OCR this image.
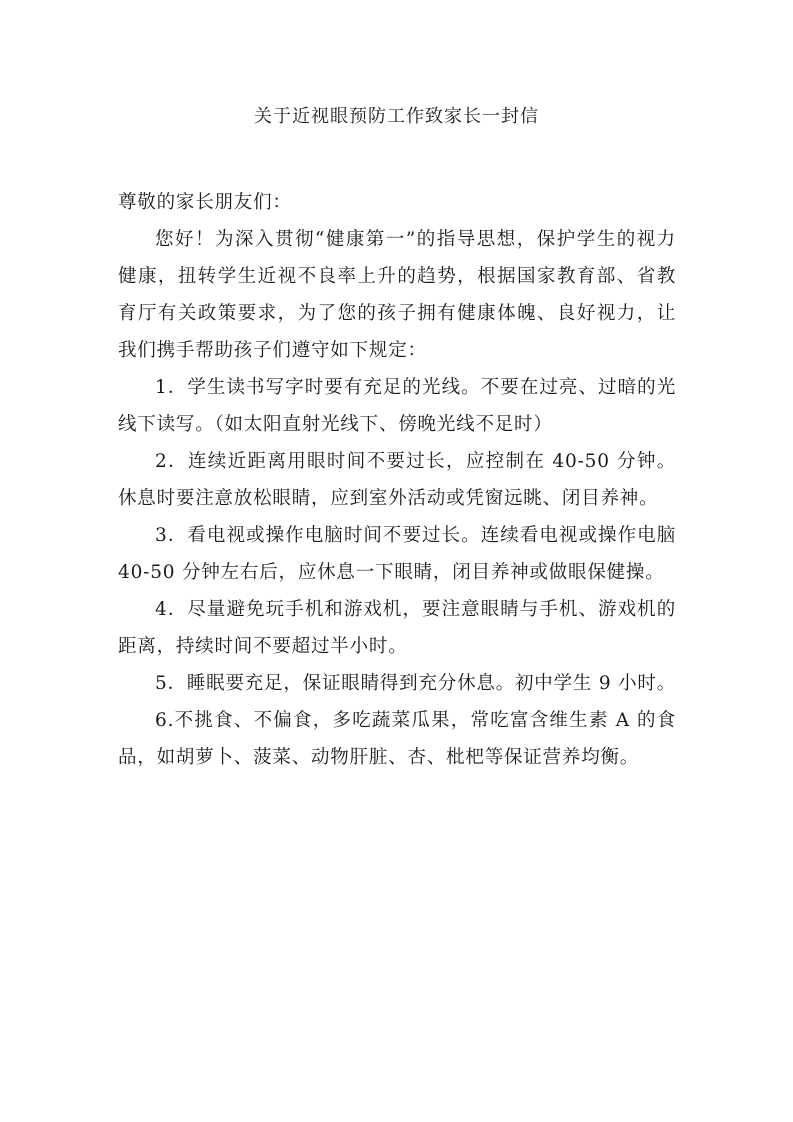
关于近视眼预防工作致家长一封信

尊敬的家长朋友们：

您好！为深入贯彻“健康第一”的指导思想，保护学生的视力健康，扭转学生近视不良率上升的趋势，根据国家教育部、省教育厅有关政策要求，为了您的孩子拥有健康体魄、良好视力，让我们携手帮助孩子们遵守如下规定：

1．学生读书写字时要有充足的光线。不要在过亮、过暗的光线下读写。（如太阳直射光线下、傍晚光线不足时）

2．连续近距离用眼时间不要过长，应控制在 40-50 分钟。休息时要注意放松眼睛，应到室外活动或凭窗远眺、闭目养神。

3．看电视或操作电脑时间不要过长。连续看电视或操作电脑 40-50 分钟左右后，应休息一下眼睛，闭目养神或做眼保健操。

4．尽量避免玩手机和游戏机，要注意眼睛与手机、游戏机的距离，持续时间不要超过半小时。

5．睡眠要充足，保证眼睛得到充分休息。初中学生 9 小时。

6.不挑食、不偏食，多吃蔬菜瓜果，常吃富含维生素 A 的食品，如胡萝卜、菠菜、动物肝脏、杏、枇杷等保证营养均衡。
